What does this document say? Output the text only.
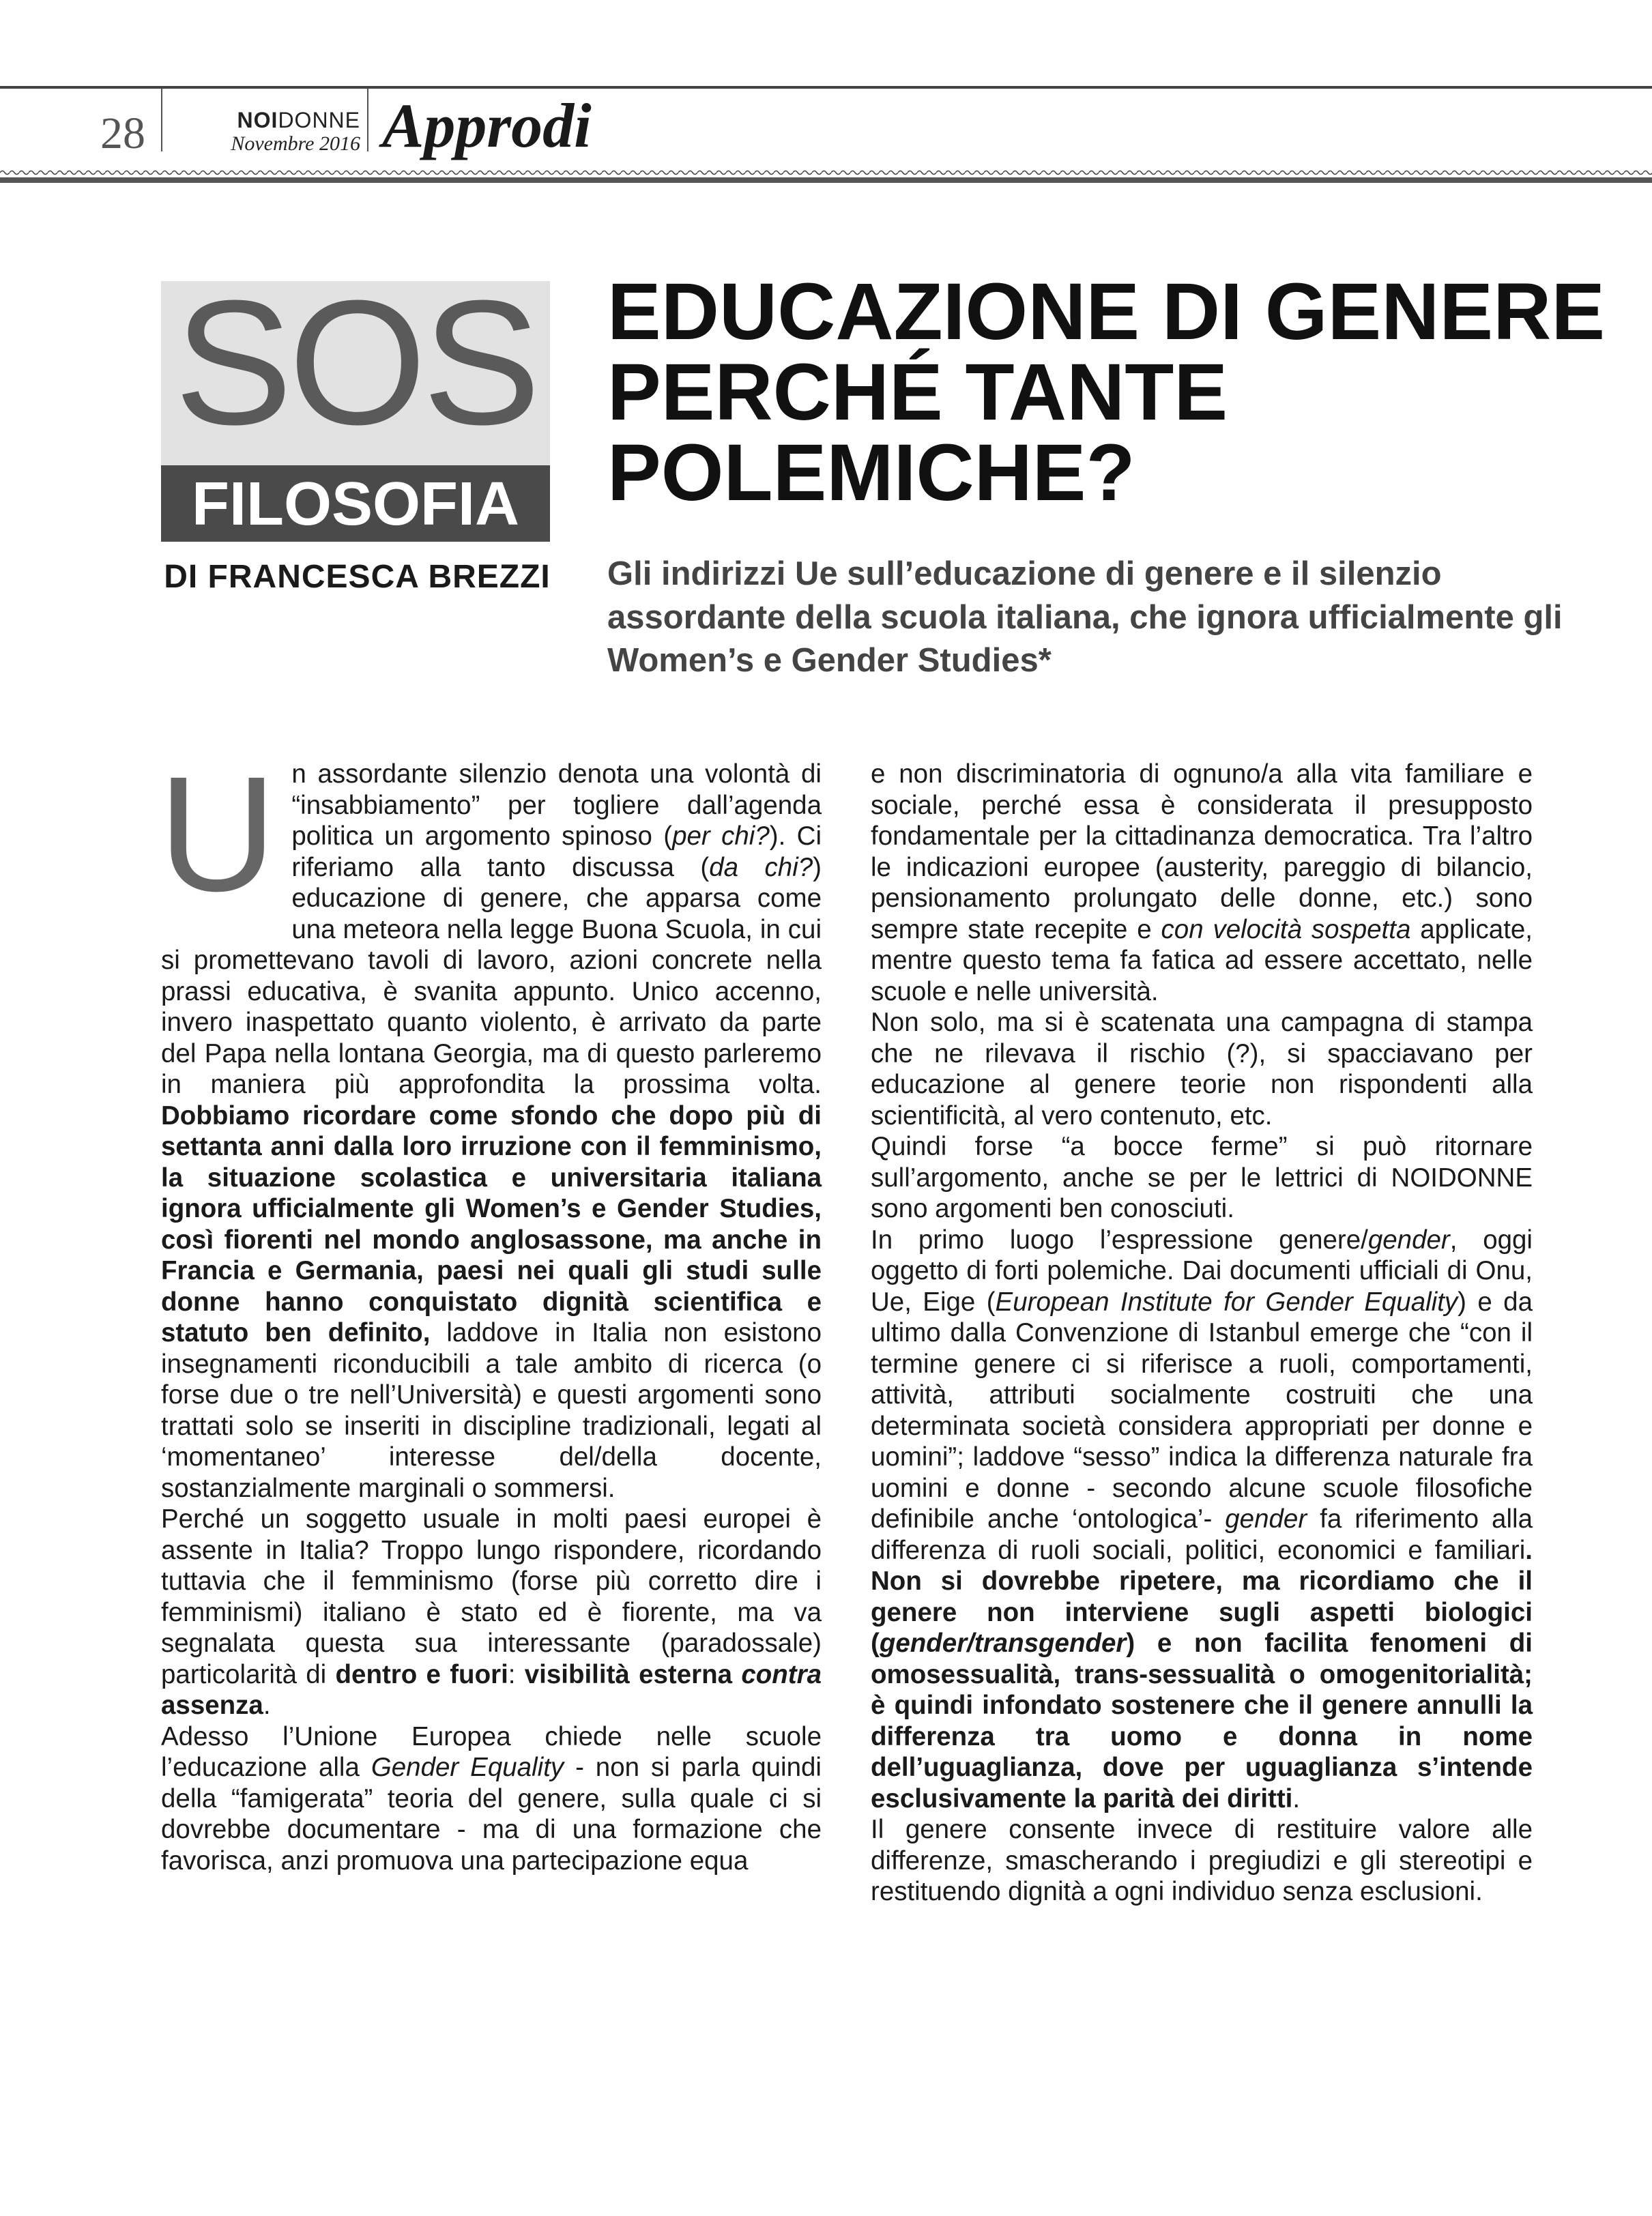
28	NOIDONNE
Novembre 2016 Approdi
SOS
FILOSOFIA
DI FRANCESCA BREZZI
EDUCAZIONE DI GENERE PERCHÉ TANTE POLEMICHE?
Gli indirizzi Ue sull’educazione di genere e il silenzio assordante della scuola italiana, che ignora ufficialmente gli Women’s e Gender Studies*
U n assordante silenzio denota una volontà di “insabbiamento” per togliere dall’agenda politica un argomento spinoso (per chi?). Ci riferiamo alla tanto discussa (da chi?) educazione di genere, che apparsa come una meteora nella legge Buona Scuola, in cui si promettevano tavoli di lavoro, azioni concrete nella prassi educativa, è svanita appunto. Unico accenno, invero inaspettato quanto violento, è arrivato da parte del Papa nella lontana Georgia, ma di questo parleremo in maniera più approfondita la prossima volta. Dobbiamo ricordare come sfondo che dopo più di settanta anni dalla loro irruzione con il femminismo, la situazione scolastica e universitaria italiana ignora ufficialmente gli Women’s e Gender Studies, così fiorenti nel mondo anglosassone, ma anche in Francia e Germania, paesi nei quali gli studi sulle donne hanno conquistato dignità scientifica e statuto ben definito, laddove in Italia non esistono insegnamenti riconducibili a tale ambito di ricerca (o forse due o tre nell’Università) e questi argomenti sono trattati solo se inseriti in discipline tradizionali, legati al ‘momentaneo’ interesse del/della docente, sostanzialmente marginali o sommersi.

Perché un soggetto usuale in molti paesi europei è assente in Italia? Troppo lungo rispondere, ricordando tuttavia che il femminismo (forse più corretto dire i femminismi) italiano è stato ed è fiorente, ma va segnalata questa sua interessante (paradossale) particolarità di dentro e fuori: visibilità esterna contra assenza.

Adesso l’Unione Europea chiede nelle scuole l’educazione alla Gender Equality - non si parla quindi della “famigerata” teoria del genere, sulla quale ci si dovrebbe documentare - ma di una formazione che favorisca, anzi promuova una partecipazione equa

e non discriminatoria di ognuno/a alla vita familiare e sociale, perché essa è considerata il presupposto fondamentale per la cittadinanza democratica. Tra l’altro le indicazioni europee (austerity, pareggio di bilancio, pensionamento prolungato delle donne, etc.) sono sempre state recepite e con velocità sospetta applicate, mentre questo tema fa fatica ad essere accettato, nelle scuole e nelle università.

Non solo, ma si è scatenata una campagna di stampa che ne rilevava il rischio (?), si spacciavano per educazione al genere teorie non rispondenti alla scientificità, al vero contenuto, etc.

Quindi forse “a bocce ferme” si può ritornare sull’argomento, anche se per le lettrici di NOIDONNE sono argomenti ben conosciuti.

In primo luogo l’espressione genere/gender, oggi oggetto di forti polemiche. Dai documenti ufficiali di Onu, Ue, Eige (European Institute for Gender Equality) e da ultimo dalla Convenzione di Istanbul emerge che “con il termine genere ci si riferisce a ruoli, comportamenti, attività, attributi socialmente costruiti che una determinata società considera appropriati per donne e uomini”; laddove “sesso” indica la differenza naturale fra uomini e donne - secondo alcune scuole filosofiche definibile anche ‘ontologica’- gender fa riferimento alla differenza di ruoli sociali, politici, economici e familiari. Non si dovrebbe ripetere, ma ricordiamo che il genere non interviene sugli aspetti biologici (gender/transgender) e non facilita fenomeni di omosessualità, trans-sessualità o omogenitorialità; è quindi infondato sostenere che il genere annulli la differenza tra uomo e donna in nome dell’uguaglianza, dove per uguaglianza s’intende esclusivamente la parità dei diritti.

Il genere consente invece di restituire valore alle differenze, smascherando i pregiudizi e gli stereotipi e restituendo dignità a ogni individuo senza esclusioni.
